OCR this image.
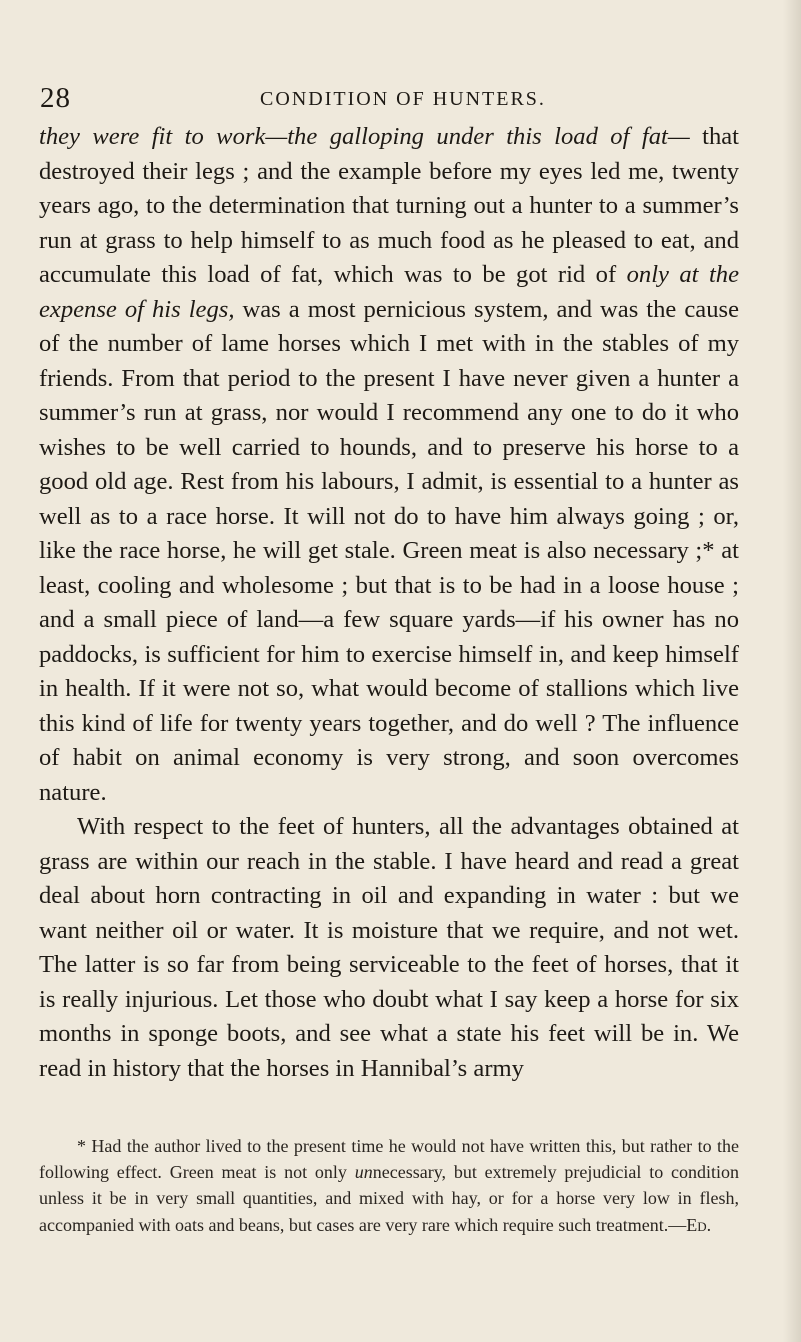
28	CONDITION OF HUNTERS.

they were fit to work—the galloping under this load of fat— that destroyed their legs ; and the example before my eyes led me, twenty years ago, to the determination that turning out a hunter to a summer’s run at grass to help himself to as much food as he pleased to eat, and accumulate this load of fat, which was to be got rid of only at the expense of his legs, was a most pernicious system, and was the cause of the number of lame horses which I met with in the stables of my friends. From that period to the present I have never given a hunter a summer’s run at grass, nor would I recommend any one to do it who wishes to be well carried to hounds, and to preserve his horse to a good old age. Rest from his labours, I admit, is essential to a hunter as well as to a race horse. It will not do to have him always going ; or, like the race horse, he will get stale. Green meat is also necessary ;* at least, cooling and wholesome ; but that is to be had in a loose house ; and a small piece of land—a few square yards—if his owner has no paddocks, is sufficient for him to exercise himself in, and keep himself in health. If it were not so, what would become of stallions which live this kind of life for twenty years together, and do well ? The influence of habit on animal economy is very strong, and soon overcomes nature.

With respect to the feet of hunters, all the advantages obtained at grass are within our reach in the stable. I have heard and read a great deal about horn contracting in oil and expanding in water : but we want neither oil or water. It is moisture that we require, and not wet. The latter is so far from being serviceable to the feet of horses, that it is really injurious. Let those who doubt what I say keep a horse for six months in sponge boots, and see what a state his feet will be in. We read in history that the horses in Hannibal’s army

* Had the author lived to the present time he would not have written this, but rather to the following effect. Green meat is not only unnecessary, but extremely prejudicial to condition unless it be in very small quantities, and mixed with hay, or for a horse very low in flesh, accompanied with oats and beans, but cases are very rare which require such treatment.—Ed.
